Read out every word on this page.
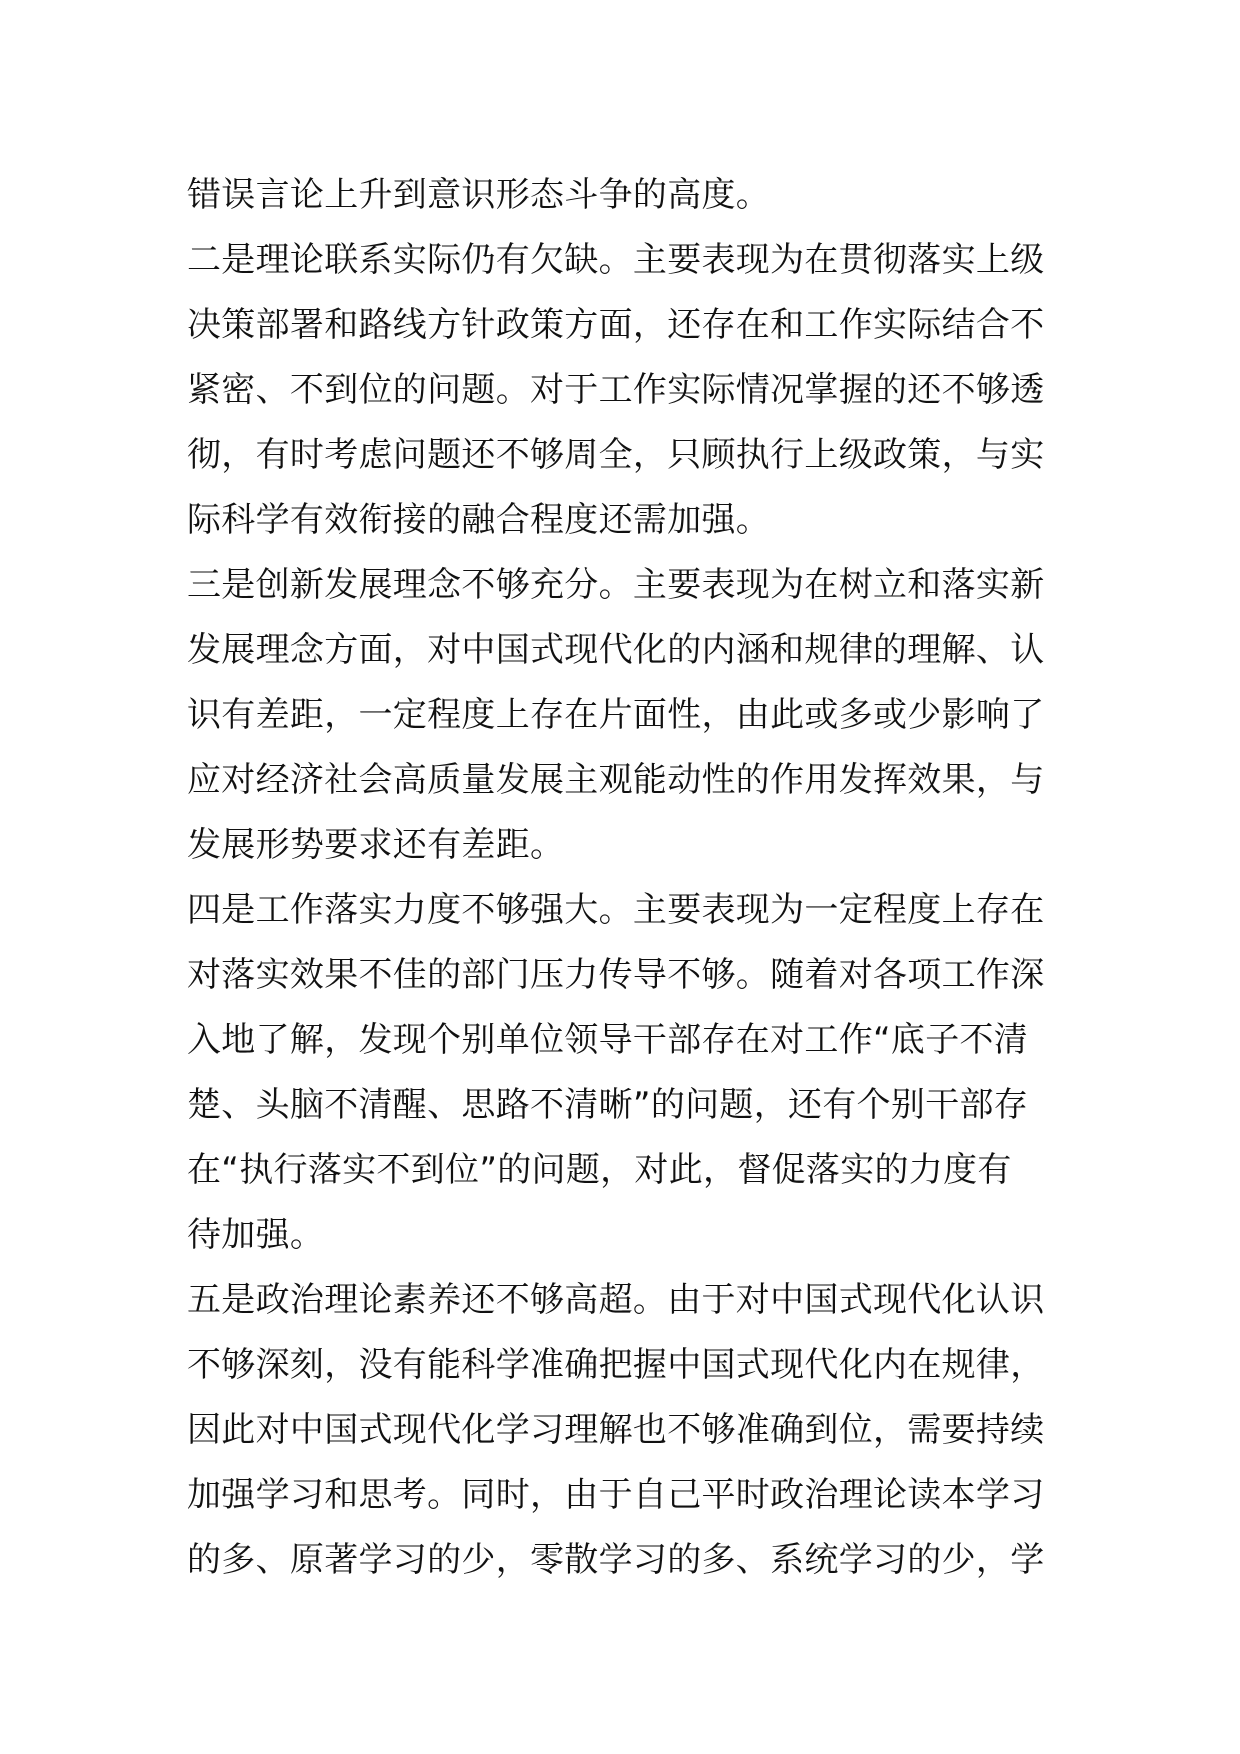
错误言论上升到意识形态斗争的高度。
二是理论联系实际仍有欠缺。主要表现为在贯彻落实上级
决策部署和路线方针政策方面，还存在和工作实际结合不
紧密、不到位的问题。对于工作实际情况掌握的还不够透
彻，有时考虑问题还不够周全，只顾执行上级政策，与实
际科学有效衔接的融合程度还需加强。
三是创新发展理念不够充分。主要表现为在树立和落实新
发展理念方面，对中国式现代化的内涵和规律的理解、认
识有差距，一定程度上存在片面性，由此或多或少影响了
应对经济社会高质量发展主观能动性的作用发挥效果，与
发展形势要求还有差距。
四是工作落实力度不够强大。主要表现为一定程度上存在
对落实效果不佳的部门压力传导不够。随着对各项工作深
入地了解，发现个别单位领导干部存在对工作“底子不清
楚、头脑不清醒、思路不清晰”的问题，还有个别干部存
在“执行落实不到位”的问题，对此，督促落实的力度有
待加强。
五是政治理论素养还不够高超。由于对中国式现代化认识
不够深刻，没有能科学准确把握中国式现代化内在规律，
因此对中国式现代化学习理解也不够准确到位，需要持续
加强学习和思考。同时，由于自己平时政治理论读本学习
的多、原著学习的少，零散学习的多、系统学习的少，学
